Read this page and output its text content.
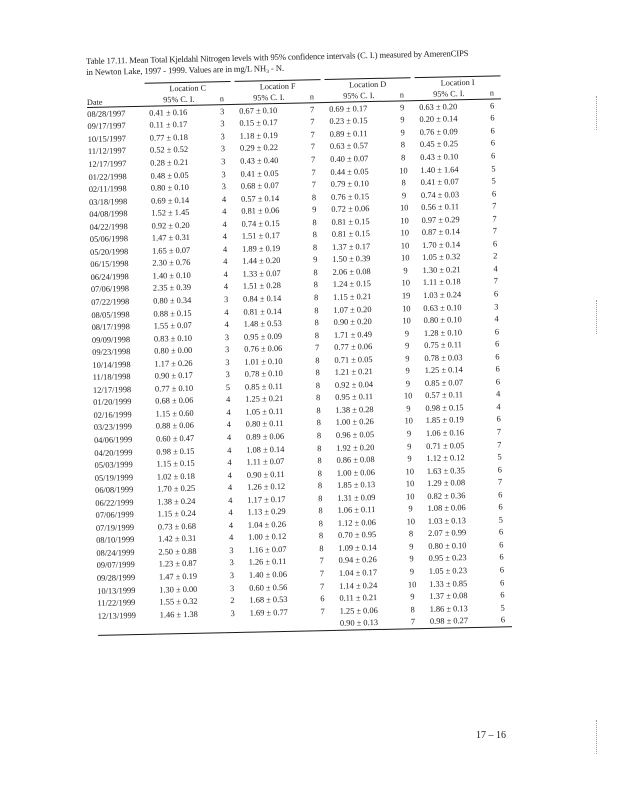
Table 17.11. Mean Total Kjeldahl Nitrogen levels with 95% confidence intervals (C. I.) measured by AmerenCIPS
in Newton Lake, 1997 - 1999. Values are in mg/L NH₃ - N.
		Location C			Location F			Location D			Location I	
Date		95% C. I.	n		95% C. I.	n		95% C. I.	n		95% C. I.	n
08/28/1997		0.41 ± 0.16	3		0.67 ± 0.10	7		0.69 ± 0.17	9		0.63 ± 0.20	6
09/17/1997		0.11 ± 0.17	3		0.15 ± 0.17	7		0.23 ± 0.15	9		0.20 ± 0.14	6
10/15/1997		0.77 ± 0.18	3		1.18 ± 0.19	7		0.89 ± 0.11	9		0.76 ± 0.09	6
11/12/1997		0.52 ± 0.52	3		0.29 ± 0.22	7		0.63 ± 0.57	8		0.45 ± 0.25	6
12/17/1997		0.28 ± 0.21	3		0.43 ± 0.40	7		0.40 ± 0.07	8		0.43 ± 0.10	6
01/22/1998		0.48 ± 0.05	3		0.41 ± 0.05	7		0.44 ± 0.05	10		1.40 ± 1.64	5
02/11/1998		0.80 ± 0.10	3		0.68 ± 0.07	7		0.79 ± 0.10	8		0.41 ± 0.07	5
03/18/1998		0.69 ± 0.14	4		0.57 ± 0.14	8		0.76 ± 0.15	9		0.74 ± 0.03	6
04/08/1998		1.52 ± 1.45	4		0.81 ± 0.06	9		0.72 ± 0.06	10		0.56 ± 0.11	7
04/22/1998		0.92 ± 0.20	4		0.74 ± 0.15	8		0.81 ± 0.15	10		0.97 ± 0.29	7
05/06/1998		1.47 ± 0.31	4		1.51 ± 0.17	8		0.81 ± 0.15	10		0.87 ± 0.14	7
05/20/1998		1.65 ± 0.07	4		1.89 ± 0.19	8		1.37 ± 0.17	10		1.70 ± 0.14	6
06/15/1998		2.30 ± 0.76	4		1.44 ± 0.20	9		1.50 ± 0.39	10		1.05 ± 0.32	2
06/24/1998		1.40 ± 0.10	4		1.33 ± 0.07	8		2.06 ± 0.08	9		1.30 ± 0.21	4
07/06/1998		2.35 ± 0.39	4		1.51 ± 0.28	8		1.24 ± 0.15	10		1.11 ± 0.18	7
07/22/1998		0.80 ± 0.34	3		0.84 ± 0.14	8		1.15 ± 0.21	19		1.03 ± 0.24	6
08/05/1998		0.88 ± 0.15	4		0.81 ± 0.14	8		1.07 ± 0.20	10		0.63 ± 0.10	3
08/17/1998		1.55 ± 0.07	4		1.48 ± 0.53	8		0.90 ± 0.20	10		0.80 ± 0.10	4
09/09/1998		0.83 ± 0.10	3		0.95 ± 0.09	8		1.71 ± 0.49	9		1.28 ± 0.10	6
09/23/1998		0.80 ± 0.00	3		0.76 ± 0.06	7		0.77 ± 0.06	9		0.75 ± 0.11	6
10/14/1998		1.17 ± 0.26	3		1.01 ± 0.10	8		0.71 ± 0.05	9		0.78 ± 0.03	6
11/18/1998		0.90 ± 0.17	3		0.78 ± 0.10	8		1.21 ± 0.21	9		1.25 ± 0.14	6
12/17/1998		0.77 ± 0.10	5		0.85 ± 0.11	8		0.92 ± 0.04	9		0.85 ± 0.07	6
01/20/1999		0.68 ± 0.06	4		1.25 ± 0.21	8		0.95 ± 0.11	10		0.57 ± 0.11	4
02/16/1999		1.15 ± 0.60	4		1.05 ± 0.11	8		1.38 ± 0.28	9		0.98 ± 0.15	4
03/23/1999		0.88 ± 0.06	4		0.80 ± 0.11	8		1.00 ± 0.26	10		1.85 ± 0.19	6
04/06/1999		0.60 ± 0.47	4		0.89 ± 0.06	8		0.96 ± 0.05	9		1.06 ± 0.16	7
04/20/1999		0.98 ± 0.15	4		1.08 ± 0.14	8		1.92 ± 0.20	9		0.71 ± 0.05	7
05/03/1999		1.15 ± 0.15	4		1.11 ± 0.07	8		0.86 ± 0.08	9		1.12 ± 0.12	5
05/19/1999		1.02 ± 0.18	4		0.90 ± 0.11	8		1.00 ± 0.06	10		1.63 ± 0.35	6
06/08/1999		1.70 ± 0.25	4		1.26 ± 0.12	8		1.85 ± 0.13	10		1.29 ± 0.08	7
06/22/1999		1.38 ± 0.24	4		1.17 ± 0.17	8		1.31 ± 0.09	10		0.82 ± 0.36	6
07/06/1999		1.15 ± 0.24	4		1.13 ± 0.29	8		1.06 ± 0.11	9		1.08 ± 0.06	6
07/19/1999		0.73 ± 0.68	4		1.04 ± 0.26	8		1.12 ± 0.06	10		1.03 ± 0.13	5
08/10/1999		1.42 ± 0.31	4		1.00 ± 0.12	8		0.70 ± 0.95	8		2.07 ± 0.99	6
08/24/1999		2.50 ± 0.88	3		1.16 ± 0.07	8		1.09 ± 0.14	9		0.80 ± 0.10	6
09/07/1999		1.23 ± 0.87	3		1.26 ± 0.11	7		0.94 ± 0.26	9		0.95 ± 0.23	6
09/28/1999		1.47 ± 0.19	3		1.40 ± 0.06	7		1.04 ± 0.17	9		1.05 ± 0.23	6
10/13/1999		1.30 ± 0.00	3		0.60 ± 0.56	7		1.14 ± 0.24	10		1.33 ± 0.85	6
11/22/1999		1.55 ± 0.32	2		1.68 ± 0.53	6		0.11 ± 0.21	9		1.37 ± 0.08	6
12/13/1999		1.46 ± 1.38	3		1.69 ± 0.77	7		1.25 ± 0.06	8		1.86 ± 0.13	5
								0.90 ± 0.13	7		0.98 ± 0.27	6
17 – 16
